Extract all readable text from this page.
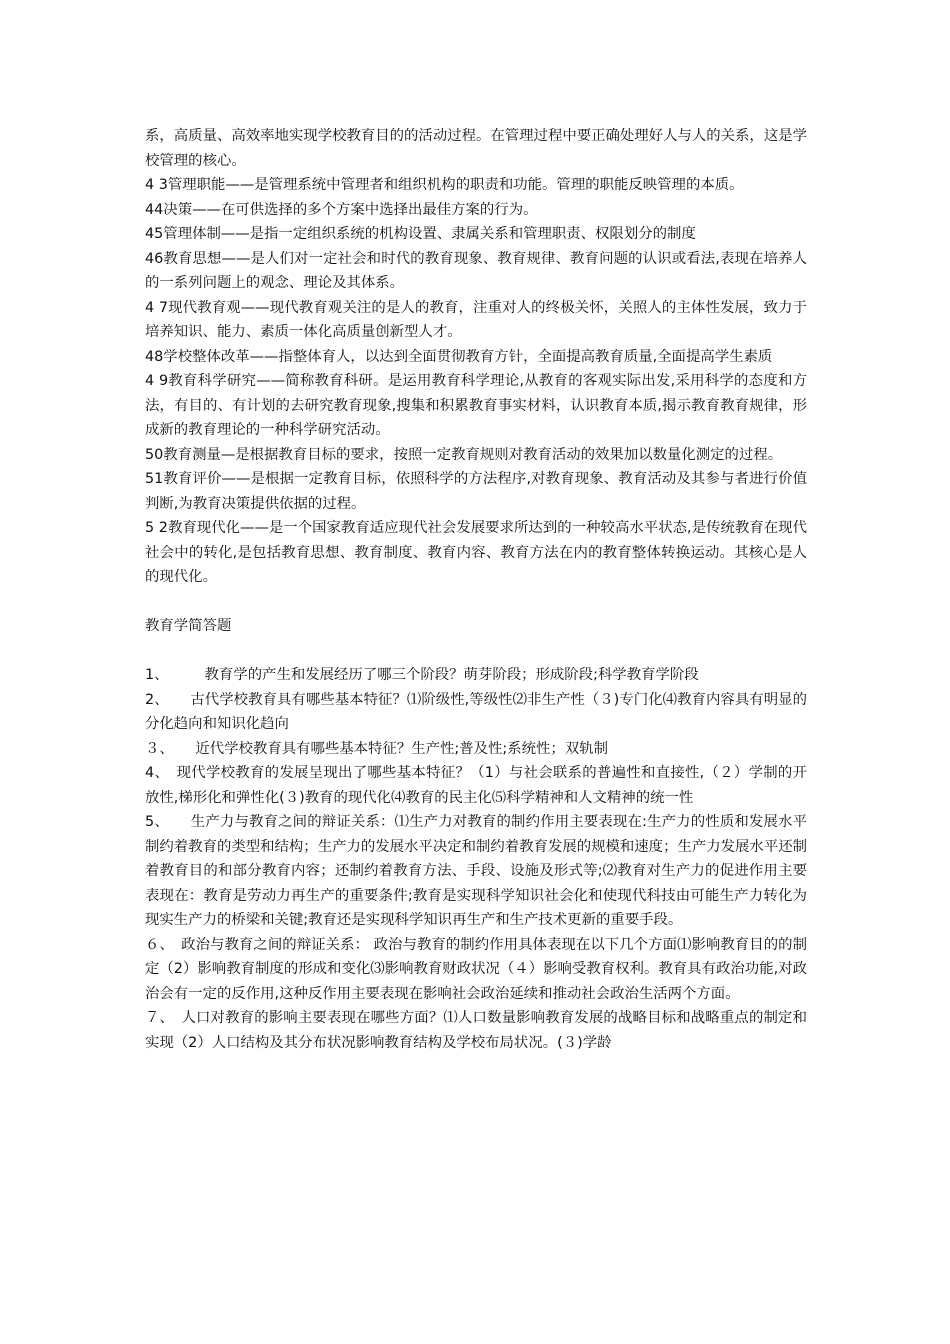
系，高质量、高效率地实现学校教育目的的活动过程。在管理过程中要正确处理好人与人的关系，这是学校管理的核心。

4 3管理职能——是管理系统中管理者和组织机构的职责和功能。管理的职能反映管理的本质。

44决策——在可供选择的多个方案中选择出最佳方案的行为。

45管理体制——是指一定组织系统的机构设置、隶属关系和管理职责、权限划分的制度

46教育思想——是人们对一定社会和时代的教育现象、教育规律、教育问题的认识或看法,表现在培养人的一系列问题上的观念、理论及其体系。

4 7现代教育观——现代教育观关注的是人的教育，注重对人的终极关怀，关照人的主体性发展，致力于培养知识、能力、素质一体化高质量创新型人才。

48学校整体改革——指整体育人，以达到全面贯彻教育方针，全面提高教育质量,全面提高学生素质

4 9教育科学研究——简称教育科研。是运用教育科学理论,从教育的客观实际出发,采用科学的态度和方法，有目的、有计划的去研究教育现象,搜集和积累教育事实材料，认识教育本质,揭示教育教育规律，形成新的教育理论的一种科学研究活动。

50教育测量—是根据教育目标的要求，按照一定教育规则对教育活动的效果加以数量化测定的过程。

51教育评价——是根据一定教育目标，依照科学的方法程序,对教育现象、教育活动及其参与者进行价值判断,为教育决策提供依据的过程。

5 2教育现代化——是一个国家教育适应现代社会发展要求所达到的一种较高水平状态,是传统教育在现代社会中的转化,是包括教育思想、教育制度、教育内容、教育方法在内的教育整体转换运动。其核心是人的现代化。

教育学简答题

1、　　　教育学的产生和发展经历了哪三个阶段？萌芽阶段；形成阶段;科学教育学阶段

2、　　古代学校教育具有哪些基本特征？⑴阶级性,等级性⑵非生产性（３)专门化⑷教育内容具有明显的分化趋向和知识化趋向

３、　　近代学校教育具有哪些基本特征？生产性;普及性;系统性；双轨制

4、　现代学校教育的发展呈现出了哪些基本特征？（1）与社会联系的普遍性和直接性,（２）学制的开放性,梯形化和弹性化(３)教育的现代化⑷教育的民主化⑸科学精神和人文精神的统一性

5、　　生产力与教育之间的辩证关系：⑴生产力对教育的制约作用主要表现在:生产力的性质和发展水平制约着教育的类型和结构；生产力的发展水平决定和制约着教育发展的规模和速度；生产力发展水平还制着教育目的和部分教育内容；还制约着教育方法、手段、设施及形式等;⑵教育对生产力的促进作用主要表现在：教育是劳动力再生产的重要条件;教育是实现科学知识社会化和使现代科技由可能生产力转化为现实生产力的桥梁和关键;教育还是实现科学知识再生产和生产技术更新的重要手段。

６、　政治与教育之间的辩证关系： 政治与教育的制约作用具体表现在以下几个方面⑴影响教育目的的制定（2）影响教育制度的形成和变化⑶影响教育财政状况（４）影响受教育权利。教育具有政治功能,对政治会有一定的反作用,这种反作用主要表现在影响社会政治延续和推动社会政治生活两个方面。

７、　人口对教育的影响主要表现在哪些方面？⑴人口数量影响教育发展的战略目标和战略重点的制定和实现（2）人口结构及其分布状况影响教育结构及学校布局状况。(３)学龄
